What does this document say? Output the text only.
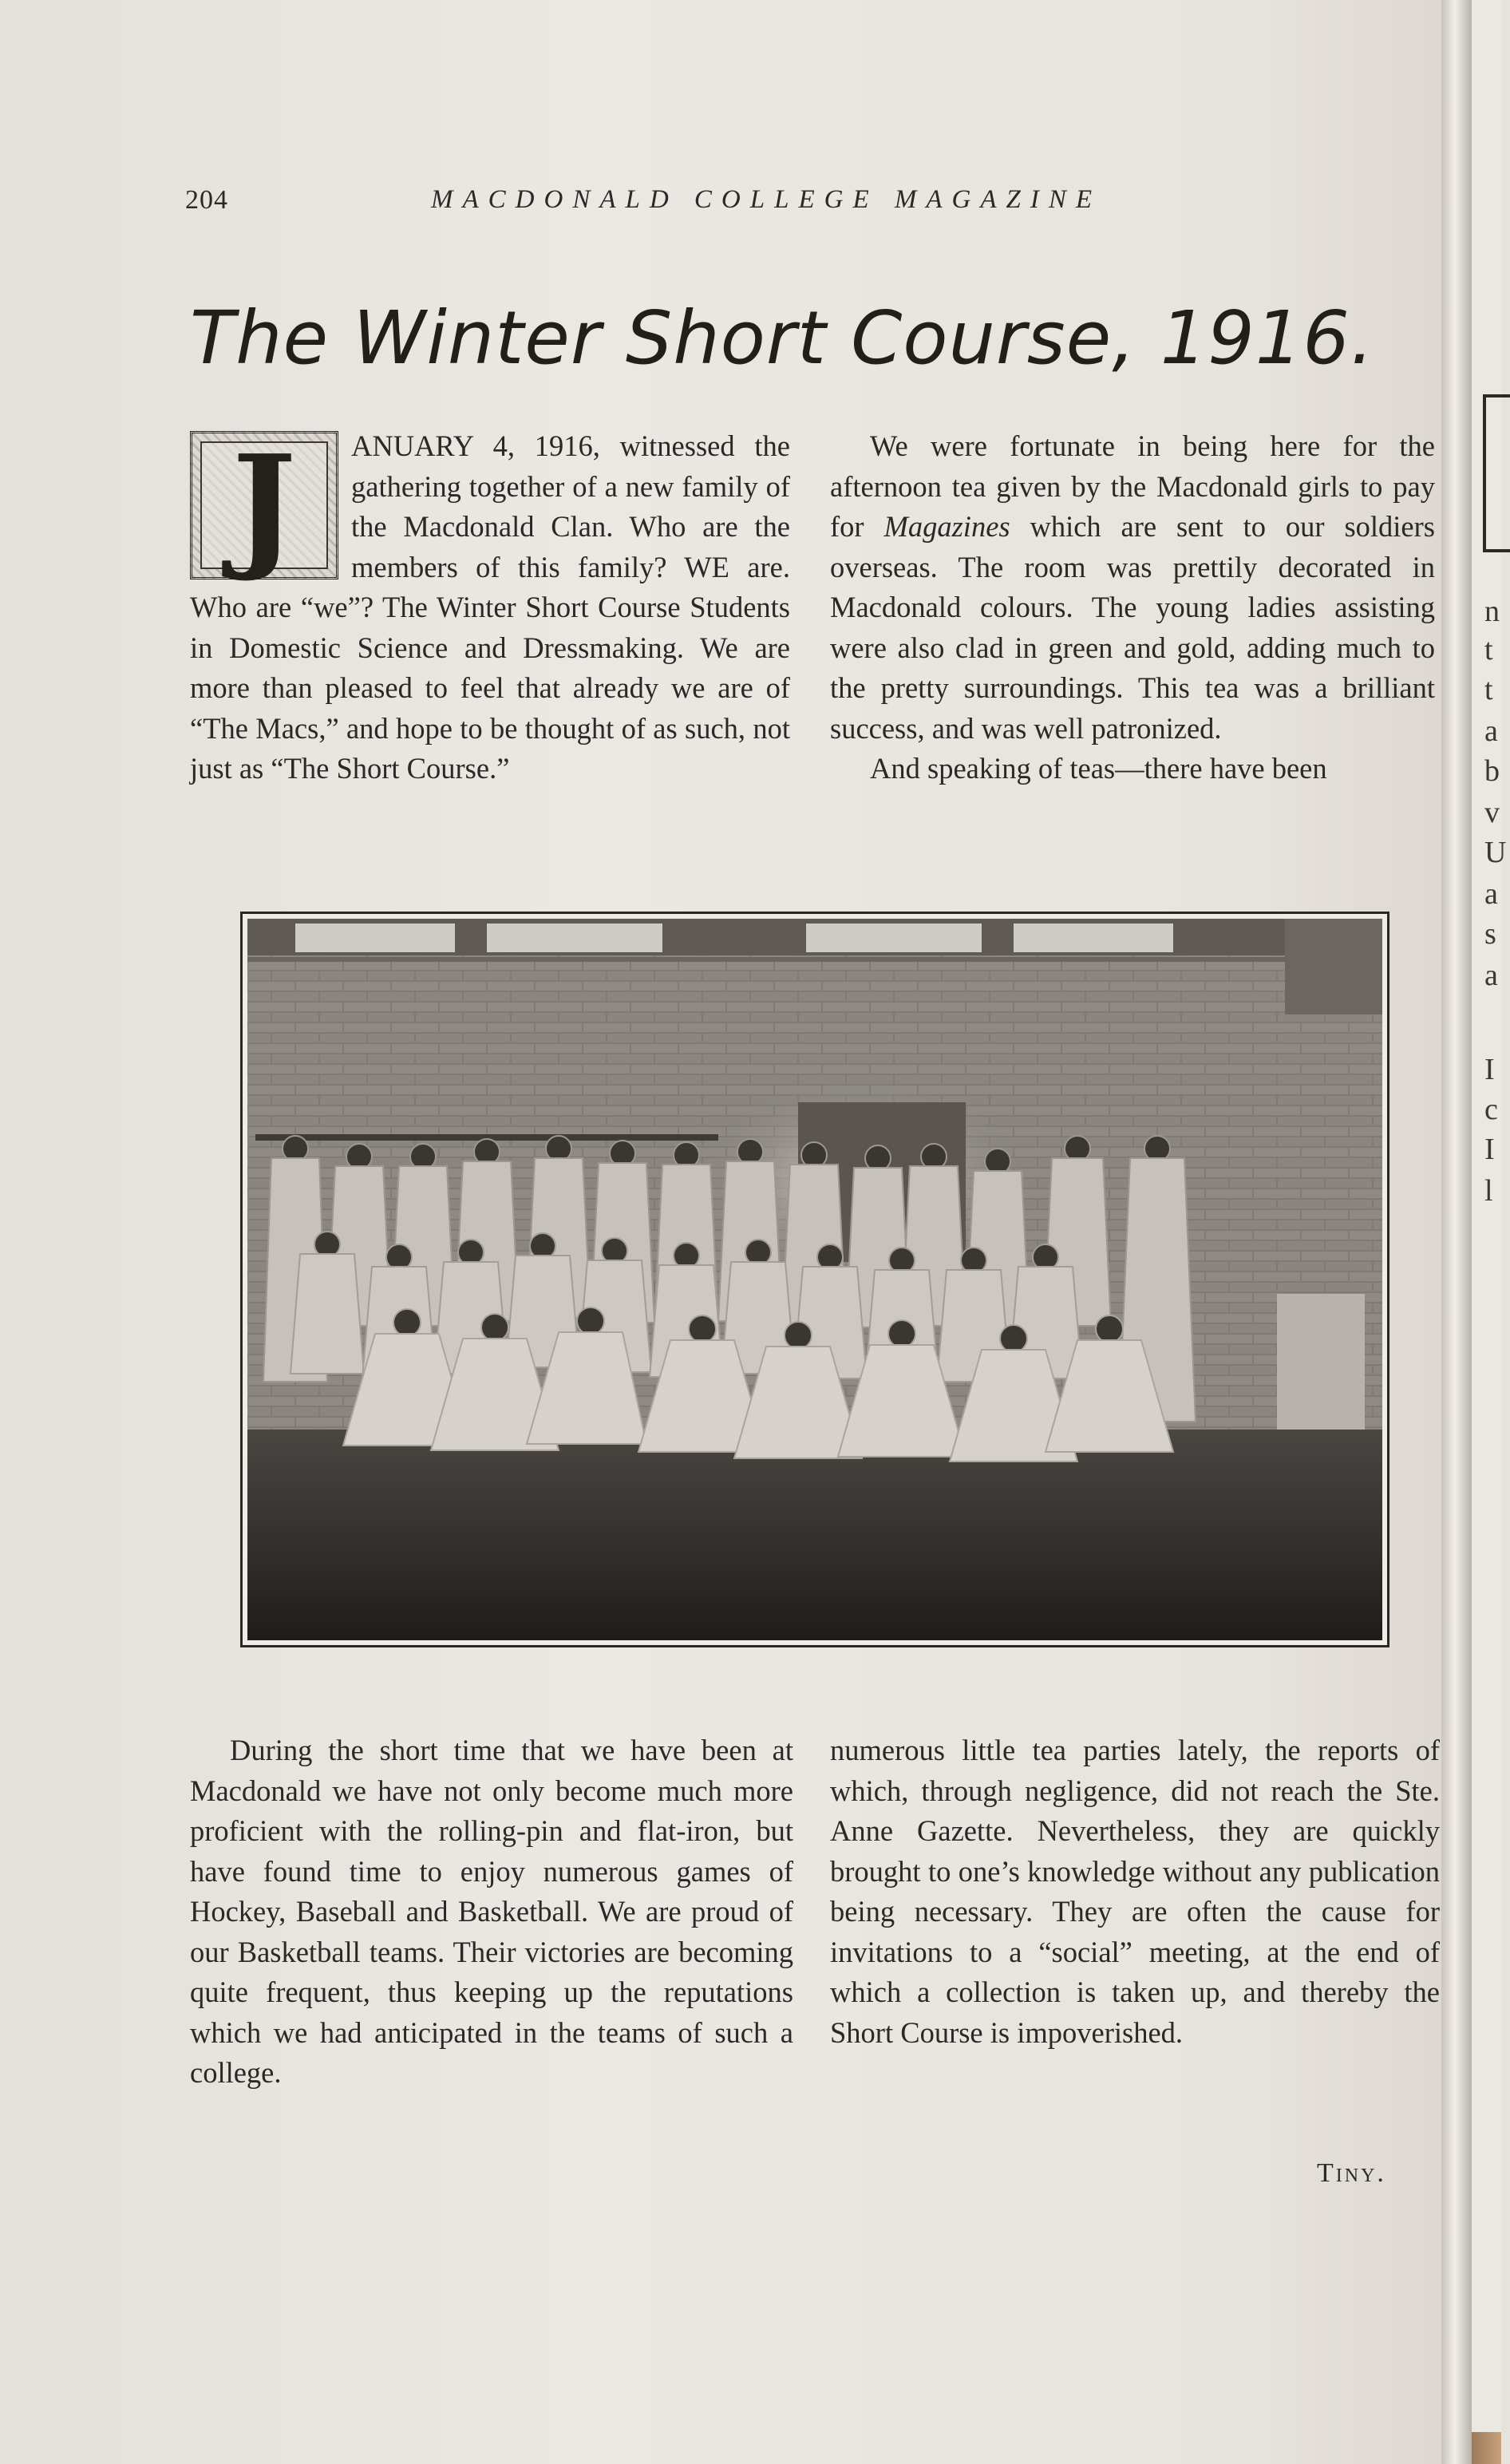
n
t
t
a
b
v
U
a
s
a
I
c
I
l
204	MACDONALD COLLEGE MAGAZINE
The Winter Short Course, 1916.

J ANUARY 4, 1916, witnessed the gathering together of a new family of the Macdonald Clan. Who are the members of this family? WE are. Who are “we”? The Winter Short Course Students in Domestic Science and Dressmaking. We are more than pleased to feel that already we are of “The Macs,” and hope to be thought of as such, not just as “The Short Course.”

We were fortunate in being here for the afternoon tea given by the Macdonald girls to pay for Magazines which are sent to our soldiers overseas. The room was prettily decorated in Macdonald colours. The young ladies assisting were also clad in green and gold, adding much to the pretty surroundings. This tea was a brilliant success, and was well patronized.

And speaking of teas—there have been

During the short time that we have been at Macdonald we have not only become much more proficient with the rolling-pin and flat-iron, but have found time to enjoy numerous games of Hockey, Baseball and Basketball. We are proud of our Basketball teams. Their victories are becoming quite frequent, thus keeping up the reputations which we had anticipated in the teams of such a college.

numerous little tea parties lately, the reports of which, through negligence, did not reach the Ste. Anne Gazette. Nevertheless, they are quickly brought to one’s knowledge without any publication being necessary. They are often the cause for invitations to a “social” meeting, at the end of which a collection is taken up, and thereby the Short Course is impoverished.

Tiny.
